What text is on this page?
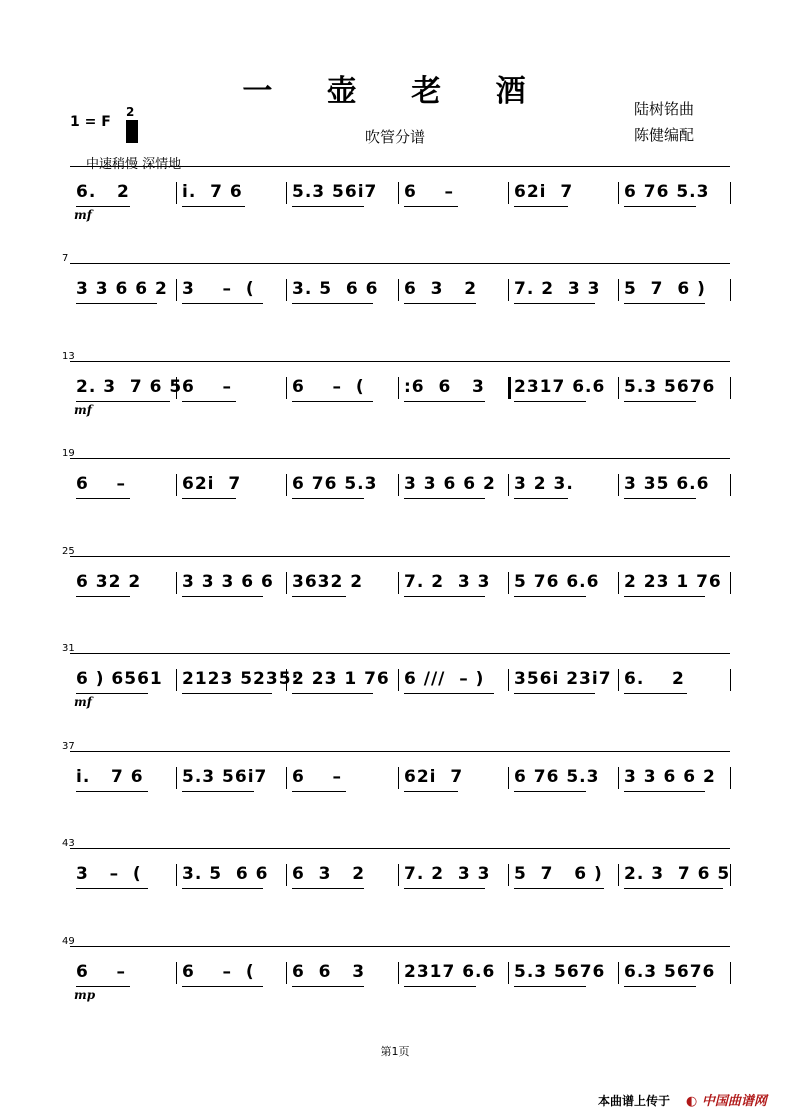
一 壶 老 酒
吹管分谱
陆树铭曲
陈健编配
1 = F
2
中速稍慢 深情地
6.   2	i.  7 6	5.3 56i7 6    –	62i  7	6 76 5.3
mf
7
3 3 6 6 2 3    –  ( 3. 5  6 6 6  3   2 7. 2  3 3 5  7  6 )
13
2. 3  7 6 5 6    –	6    –  ( :6  6   3 2317 6.6 5.3 5676
mf
19
6    –	62i  7	6 76 5.3 3 3 6 6 2 3 2 3.	3 35 6.6
25
6 32 2 3 3 3 6 6 3632 2 7. 2  3 3 5 76 6.6 2 23 1 76
31
6 ) 6561 2123 5235:
2 23 1 76 6 ///  – ) 356i 23i7 6.    2
mf
37
i.   7 6 5.3 56i7 6    –	62i  7	6 76 5.3 3 3 6 6 2
43
3   –  ( 3. 5  6 6 6  3   2 7. 2  3 3 5  7   6 ) 2. 3  7 6 5
49
6    –	6    –  ( 6  6   3 2317 6.6 5.3 5676 6.3 5676
mp
第1页
本曲谱上传于 ◐ 中国曲谱网
